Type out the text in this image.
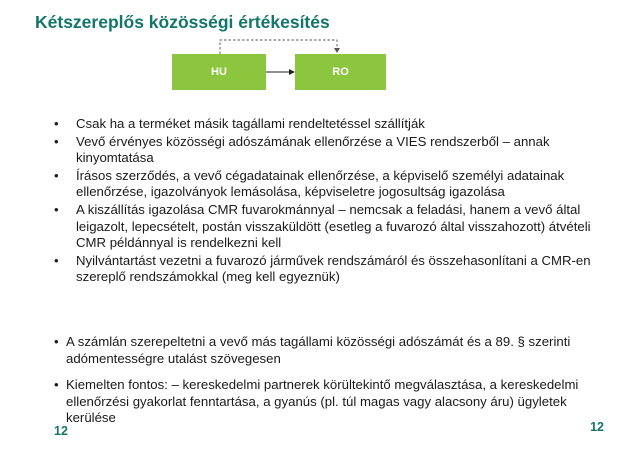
Kétszereplős közösségi értékesítés
HU	RO
• Csak ha a terméket másik tagállami rendeltetéssel szállítják
• Vevő érvényes közösségi adószámának ellenőrzése a VIES rendszerből – annak kinyomtatása
• Írásos szerződés, a vevő cégadatainak ellenőrzése, a képviselő személyi adatainak ellenőrzése, igazolványok lemásolása, képviseletre jogosultság igazolása
• A kiszállítás igazolása CMR fuvarokmánnyal – nemcsak a feladási, hanem a vevő által leigazolt, lepecsételt, postán visszaküldött (esetleg a fuvarozó által visszahozott) átvételi CMR példánnyal is rendelkezni kell
• Nyilvántartást vezetni a fuvarozó járművek rendszámáról és összehasonlítani a CMR-en szereplő rendszámokkal (meg kell egyeznük)
• A számlán szerepeltetni a vevő más tagállami közösségi adószámát és a 89. § szerinti adómentességre utalást szövegesen
• Kiemelten fontos: – kereskedelmi partnerek körültekintő megválasztása, a kereskedelmi ellenőrzési gyakorlat fenntartása, a gyanús (pl. túl magas vagy alacsony áru) ügyletek kerülése
12	12
